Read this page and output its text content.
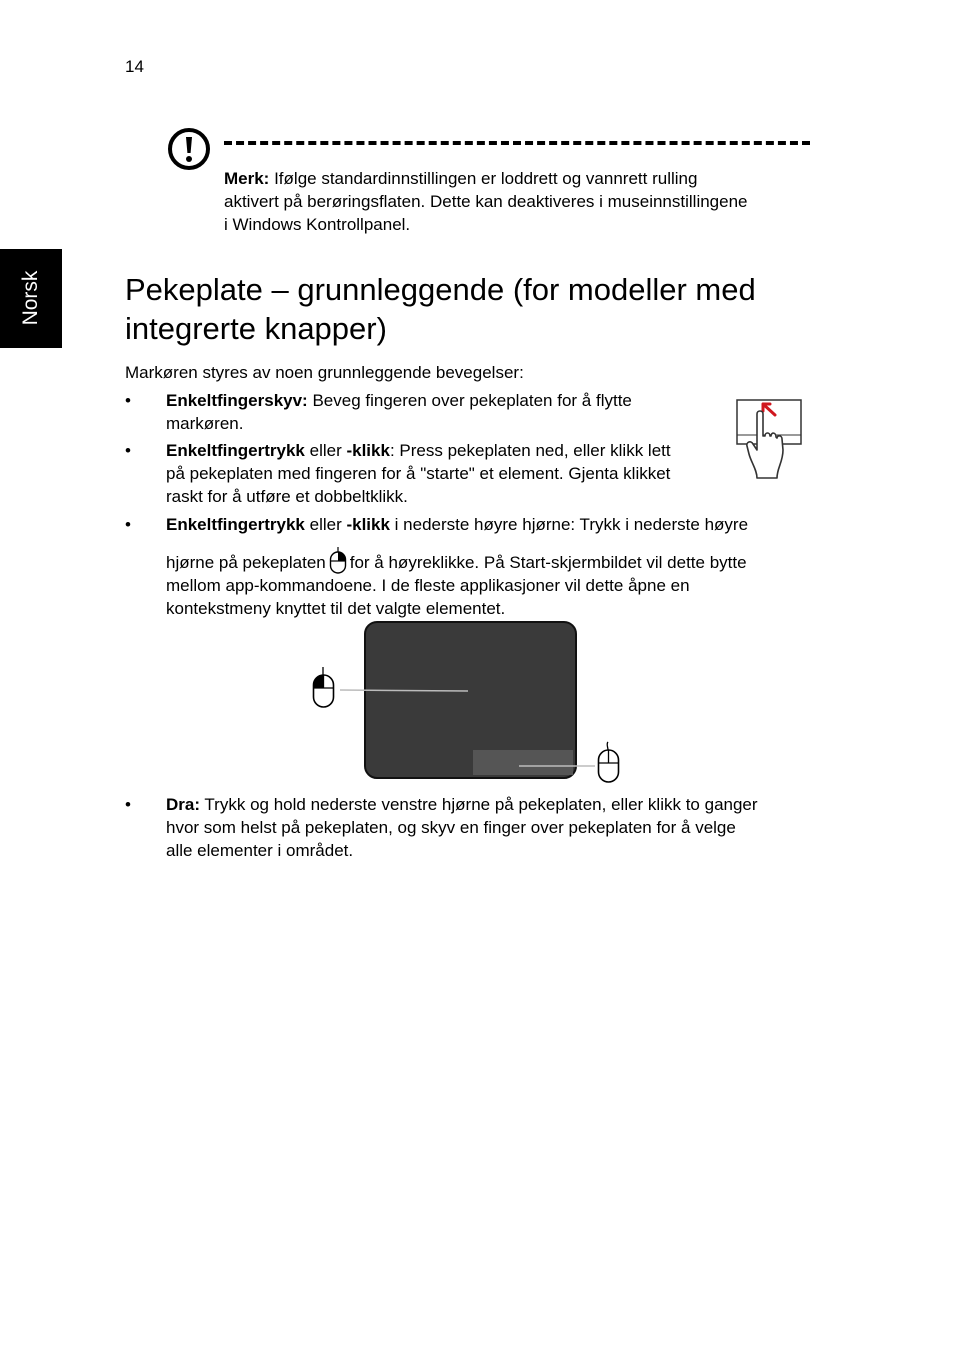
14
Norsk
Merk: Ifølge standardinnstillingen er loddrett og vannrett rulling
aktivert på berøringsflaten. Dette kan deaktiveres i museinnstillingene
i Windows Kontrollpanel.
Pekeplate – grunnleggende (for modeller med
integrerte knapper)
Markøren styres av noen grunnleggende bevegelser:
• Enkeltfingerskyv: Beveg fingeren over pekeplaten for å flytte
markøren.
• Enkeltfingertrykk eller -klikk: Press pekeplaten ned, eller klikk lett
på pekeplaten med fingeren for å "starte" et element. Gjenta klikket
raskt for å utføre et dobbeltklikk.
• Enkeltfingertrykk eller -klikk i nederste høyre hjørne: Trykk i nederste høyre
hjørne på pekeplaten for å høyreklikke. På Start-skjermbildet vil dette bytte
mellom app-kommandoene. I de fleste applikasjoner vil dette åpne en
kontekstmeny knyttet til det valgte elementet.
• Dra: Trykk og hold nederste venstre hjørne på pekeplaten, eller klikk to ganger
hvor som helst på pekeplaten, og skyv en finger over pekeplaten for å velge
alle elementer i området.
